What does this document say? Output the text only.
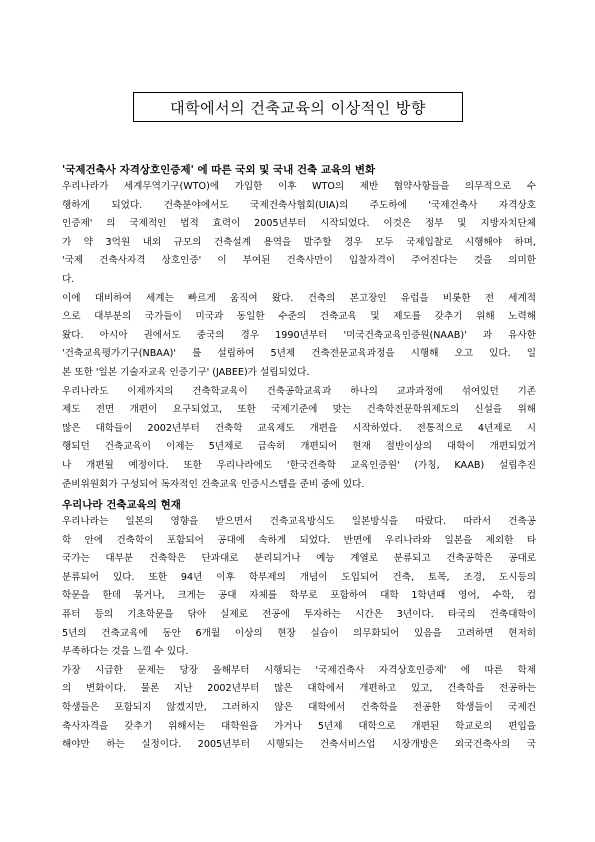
대학에서의 건축교육의 이상적인 방향
'국제건축사 자격상호인증제' 에 따른 국외 및 국내 건축 교육의 변화
우리나라가 세계무역기구(WTO)에 가입한 이후 WTO의 제반 협약사항들을 의무적으로 수
행하게 되었다. 건축분야에서도 국제건축사협회(UIA)의 주도하에 '국제건축사 자격상호
인증제' 의 국제적인 법적 효력이 2005년부터 시작되었다. 이것은 정부 및 지방자치단체
가 약 3억원 내외 규모의 건축설계 용역을 발주할 경우 모두 국제입찰로 시행해야 하며,
'국제 건축사자격 상호인증' 이 부여된 건축사만이 입찰자격이 주어진다는 것을 의미한
다.
이에 대비하여 세계는 빠르게 움직여 왔다. 건축의 본고장인 유럽을 비롯한 전 세계적
으로 대부분의 국가들이 미국과 동일한 수준의 건축교육 및 제도를 갖추기 위해 노력해
왔다. 아시아 권에서도 중국의 경우 1990년부터 '미국건축교육인증원(NAAB)' 과 유사한
'건축교육평가기구(NBAA)' 를 설립하여 5년제 건축전문교육과정을 시행해 오고 있다. 일
본 또한 '일본 기술자교육 인증기구' (JABEE)가 설립되었다.
우리나라도 이제까지의 건축학교육이 건축공학교육과 하나의 교과과정에 섞여있던 기존
제도 전면 개편이 요구되었고, 또한 국제기준에 맞는 건축학전문학위제도의 신설을 위해
많은 대학들이 2002년부터 건축학 교육제도 개편을 시작하였다. 전통적으로 4년제로 시
행되던 건축교육이 이제는 5년제로 급속히 개편되어 현재 절반이상의 대학이 개편되었거
나 개편될 예정이다. 또한 우리나라에도 '한국건축학 교육인증원' (가칭, KAAB) 설립추진
준비위원회가 구성되어 독자적인 건축교육 인증시스템을 준비 중에 있다.
우리나라 건축교육의 현재
우리나라는 일본의 영향을 받으면서 건축교육방식도 일본방식을 따랐다. 따라서 건축공
학 안에 건축학이 포함되어 공대에 속하게 되었다. 반면에 우리나라와 일본을 제외한 타
국가는 대부분 건축학은 단과대로 분리되거나 예능 계열로 분류되고 건축공학은 공대로
분류되어 있다. 또한 94년 이후 학부제의 개념이 도입되어 건축, 토목, 조경, 도시등의
학문을 한데 묶거나, 크게는 공대 자체를 학부로 포함하여 대학 1학년때 영어, 수학, 컴
퓨터 등의 기초학문을 닦아 실제로 전공에 투자하는 시간은 3년이다. 타국의 건축대학이
5년의 건축교육에 동안 6개월 이상의 현장 실습이 의무화되어 있음을 고려하면 현저히
부족하다는 것을 느낄 수 있다.
가장 시급한 문제는 당장 올해부터 시행되는 '국제건축사 자격상호인증제' 에 따른 학제
의 변화이다. 물론 지난 2002년부터 많은 대학에서 개편하고 있고, 건축학을 전공하는
학생들은 포함되지 않겠지만, 그러하지 않은 대학에서 건축학을 전공한 학생들이 국제건
축사자격을 갖추기 위해서는 대학원을 가거나 5년제 대학으로 개편된 학교로의 편입을
해야만 하는 실정이다. 2005년부터 시행되는 건축서비스업 시장개방은 외국건축사의 국
